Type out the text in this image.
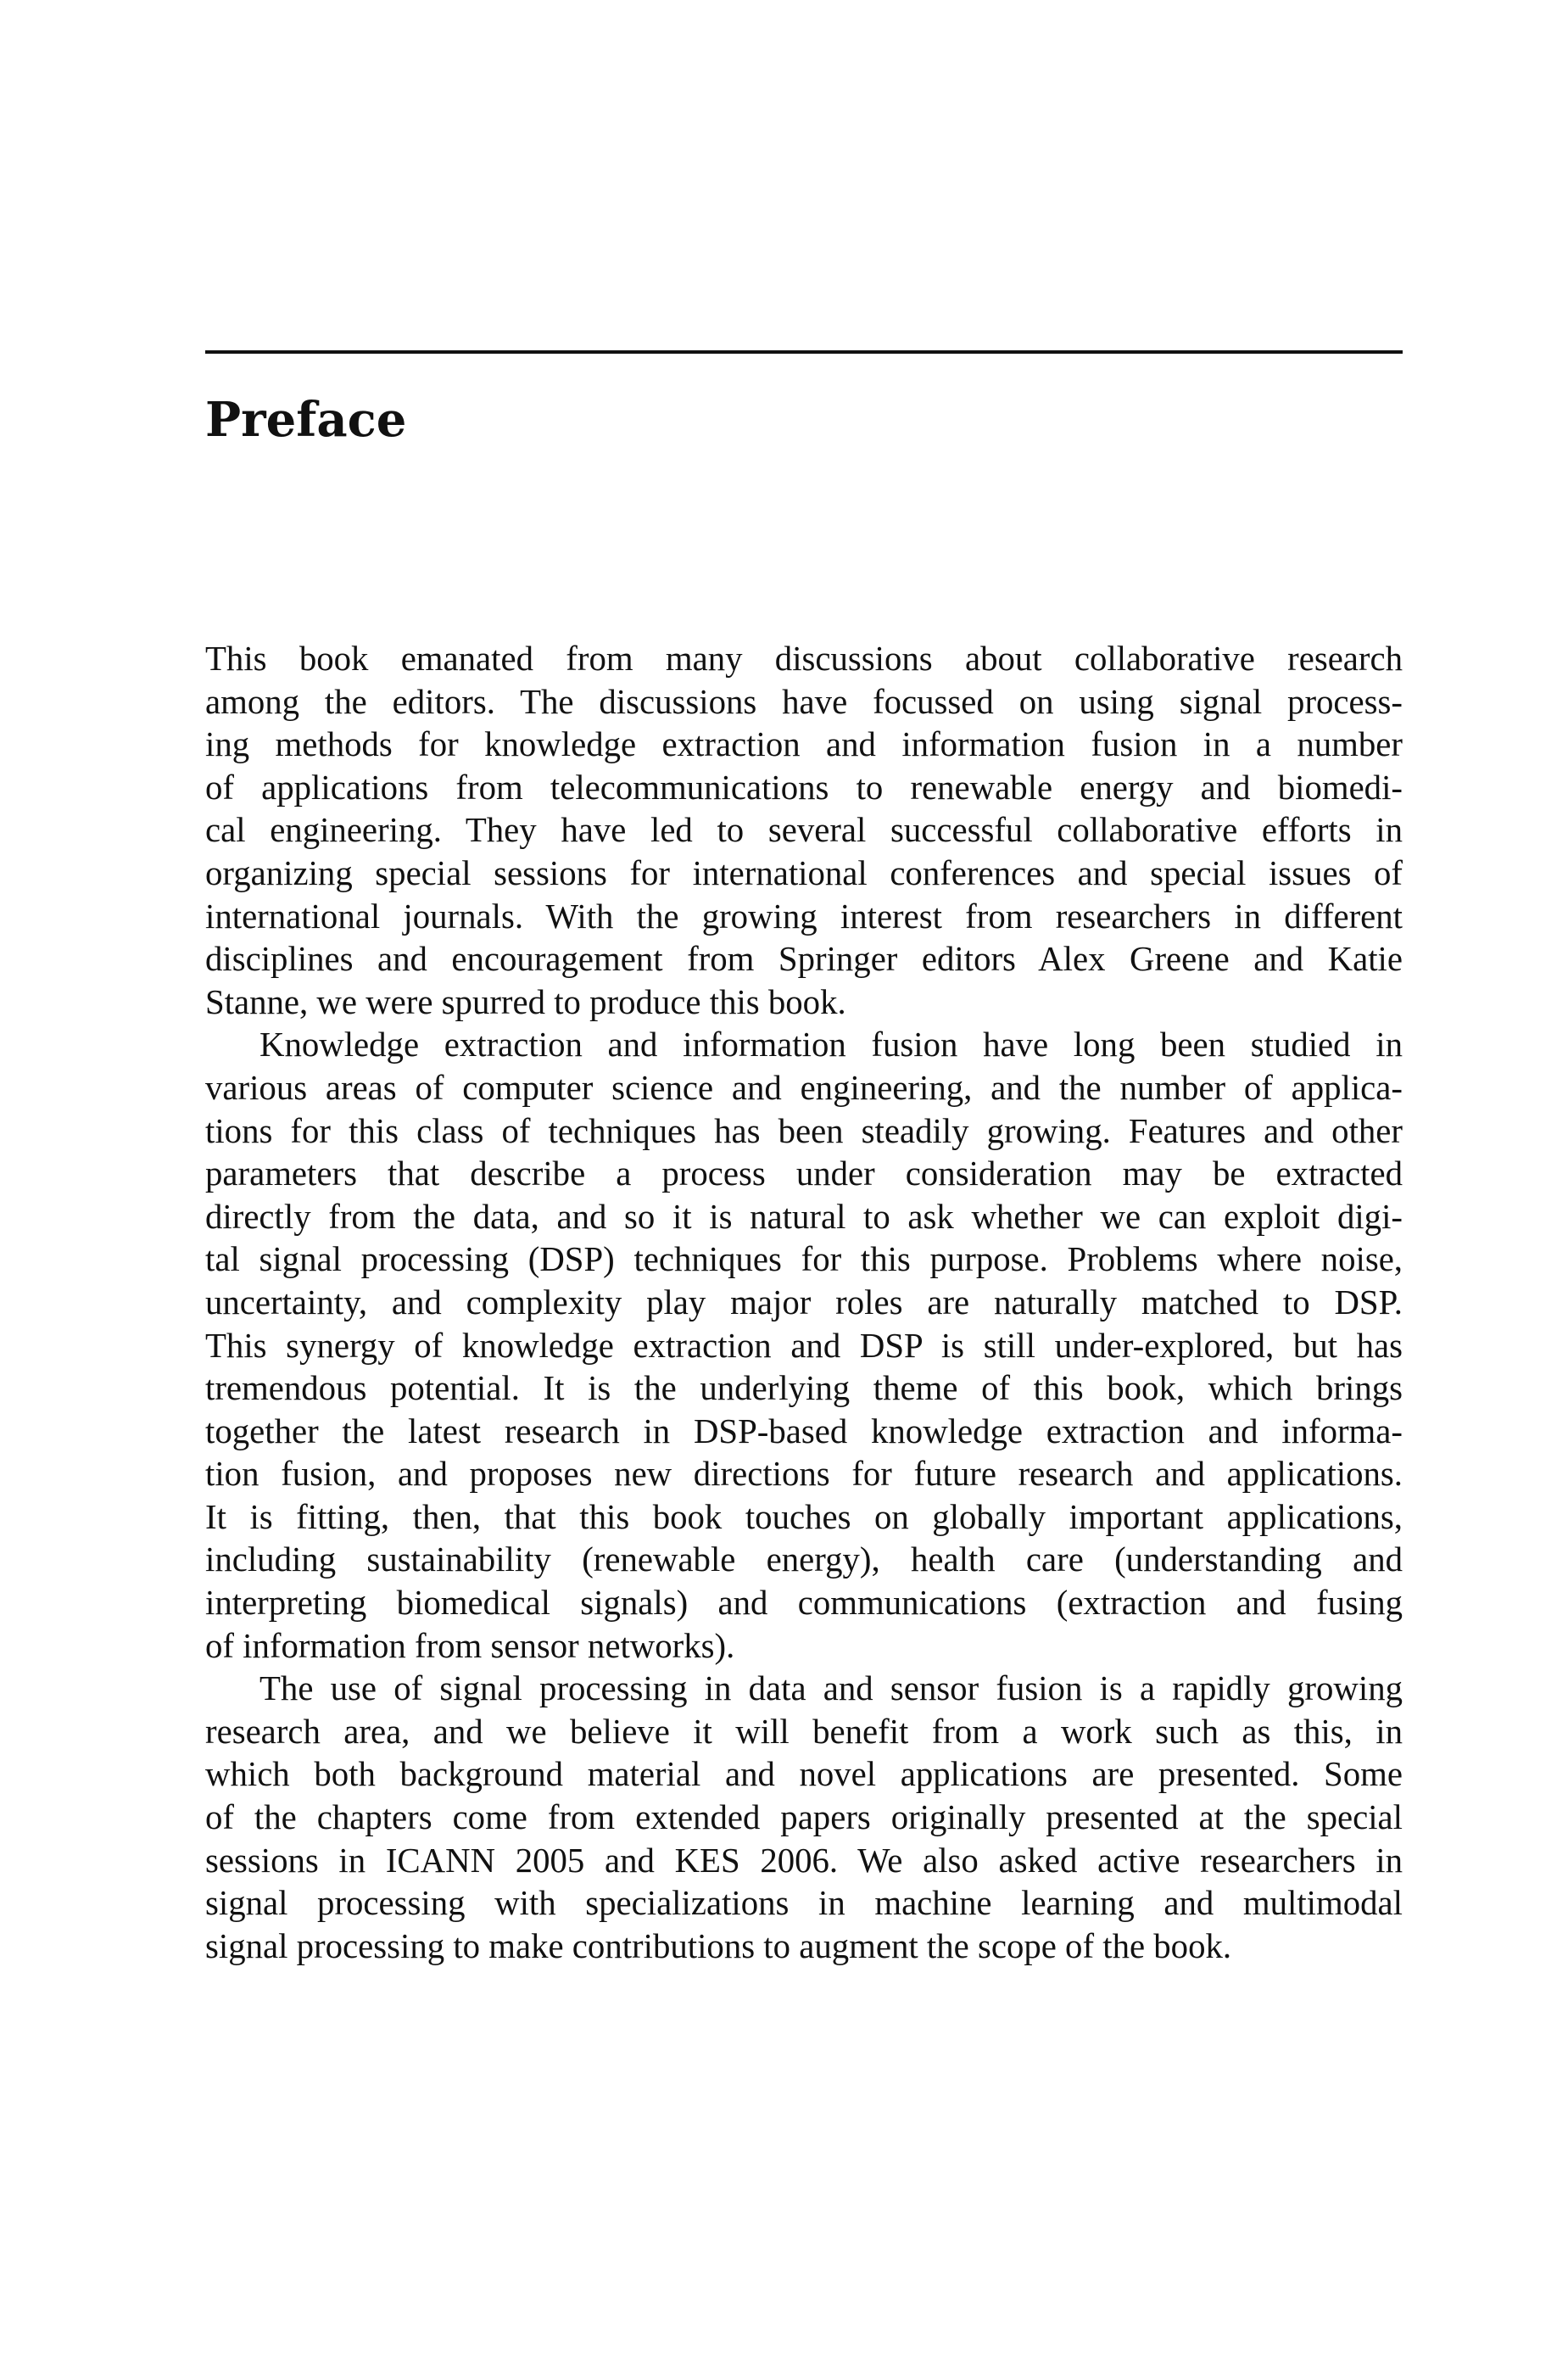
Preface

This book emanated from many discussions about collaborative research
among the editors. The discussions have focussed on using signal process-
ing methods for knowledge extraction and information fusion in a number
of applications from telecommunications to renewable energy and biomedi-
cal engineering. They have led to several successful collaborative efforts in
organizing special sessions for international conferences and special issues of
international journals. With the growing interest from researchers in different
disciplines and encouragement from Springer editors Alex Greene and Katie
Stanne, we were spurred to produce this book.

Knowledge extraction and information fusion have long been studied in
various areas of computer science and engineering, and the number of applica-
tions for this class of techniques has been steadily growing. Features and other
parameters that describe a process under consideration may be extracted
directly from the data, and so it is natural to ask whether we can exploit digi-
tal signal processing (DSP) techniques for this purpose. Problems where noise,
uncertainty, and complexity play major roles are naturally matched to DSP.
This synergy of knowledge extraction and DSP is still under-explored, but has
tremendous potential. It is the underlying theme of this book, which brings
together the latest research in DSP-based knowledge extraction and informa-
tion fusion, and proposes new directions for future research and applications.
It is fitting, then, that this book touches on globally important applications,
including sustainability (renewable energy), health care (understanding and
interpreting biomedical signals) and communications (extraction and fusing
of information from sensor networks).

The use of signal processing in data and sensor fusion is a rapidly growing
research area, and we believe it will benefit from a work such as this, in
which both background material and novel applications are presented. Some
of the chapters come from extended papers originally presented at the special
sessions in ICANN 2005 and KES 2006. We also asked active researchers in
signal processing with specializations in machine learning and multimodal
signal processing to make contributions to augment the scope of the book.
